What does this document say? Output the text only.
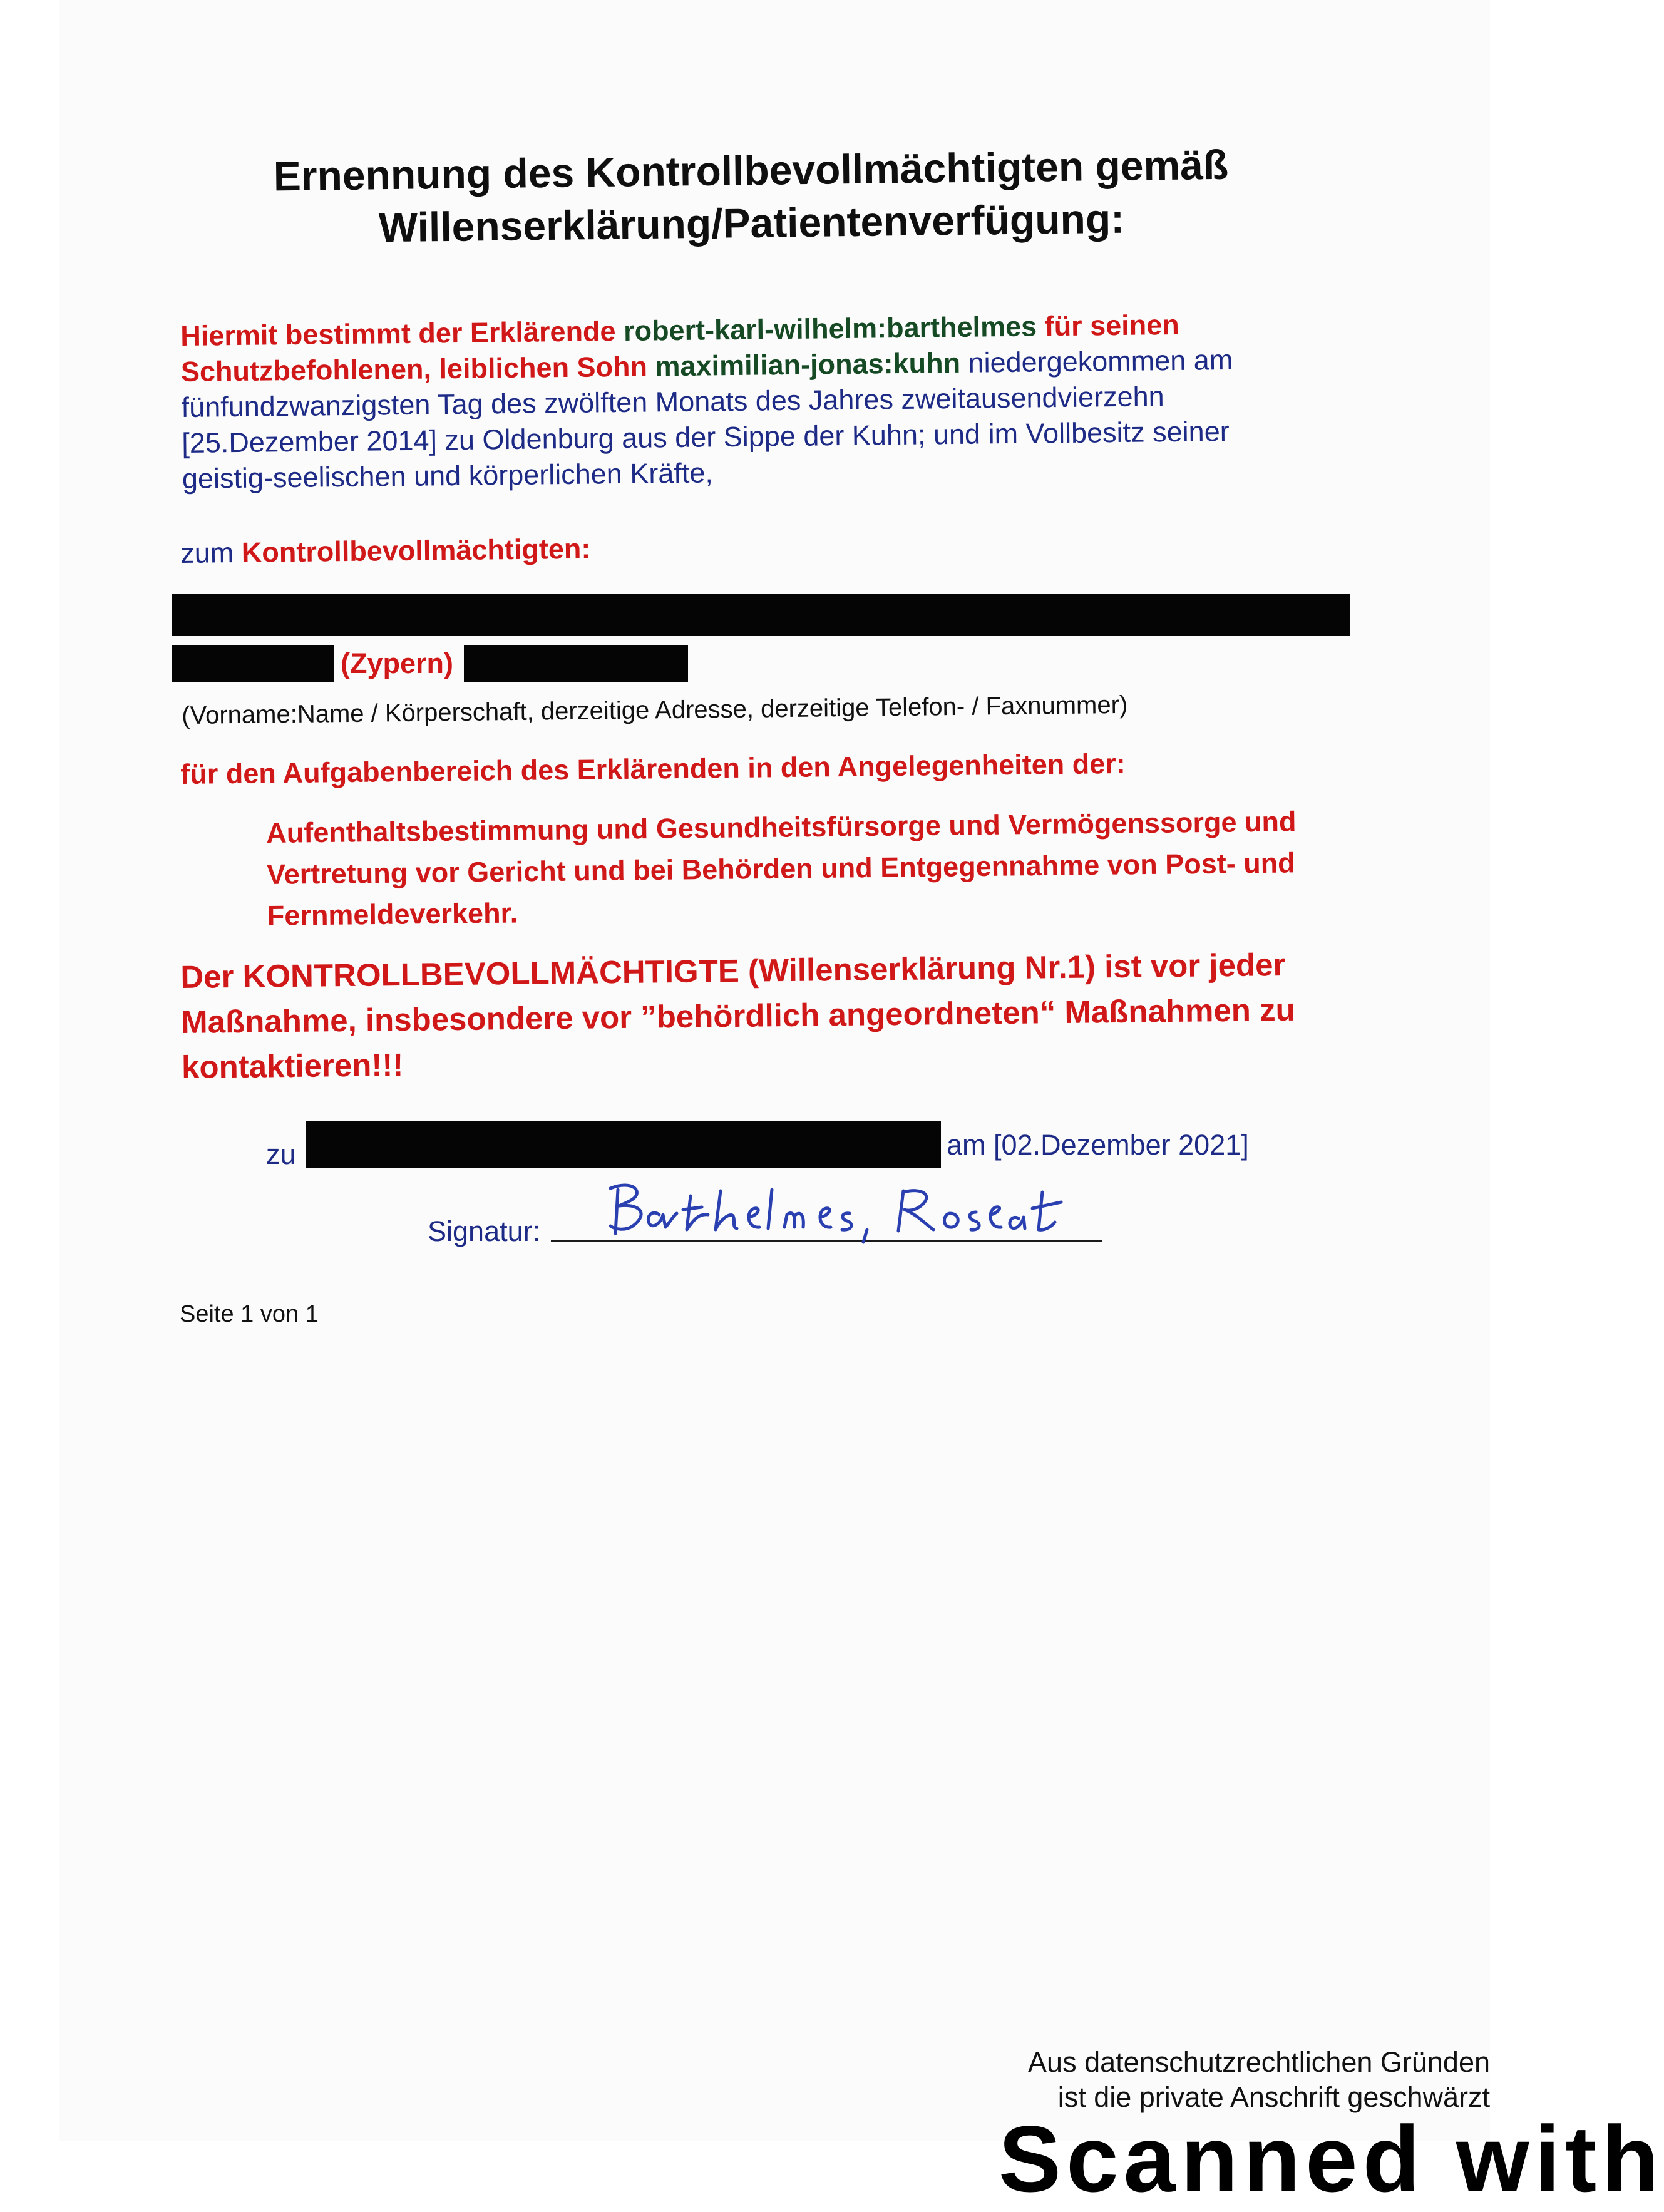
Ernennung des Kontrollbevollmächtigten gemäß
Willenserklärung/Patientenverfügung:
Hiermit bestimmt der Erklärende robert-karl-wilhelm:barthelmes für seinen
Schutzbefohlenen, leiblichen Sohn maximilian-jonas:kuhn niedergekommen am
fünfundzwanzigsten Tag des zwölften Monats des Jahres zweitausendvierzehn
[25.Dezember 2014] zu Oldenburg aus der Sippe der Kuhn; und im Vollbesitz seiner
geistig-seelischen und körperlichen Kräfte,
zum Kontrollbevollmächtigten:
(Zypern)
(Vorname:Name / Körperschaft, derzeitige Adresse, derzeitige Telefon- / Faxnummer)
für den Aufgabenbereich des Erklärenden in den Angelegenheiten der:
Aufenthaltsbestimmung und Gesundheitsfürsorge und Vermögenssorge und
Vertretung vor Gericht und bei Behörden und Entgegennahme von Post- und
Fernmeldeverkehr.
Der KONTROLLBEVOLLMÄCHTIGTE (Willenserklärung Nr.1) ist vor jeder
Maßnahme, insbesondere vor ”behördlich angeordneten“ Maßnahmen zu
kontaktieren!!!
zu	am [02.Dezember 2021]
Signatur:
Seite 1 von 1
Aus datenschutzrechtlichen Gründen
ist die private Anschrift geschwärzt
Scanned with
